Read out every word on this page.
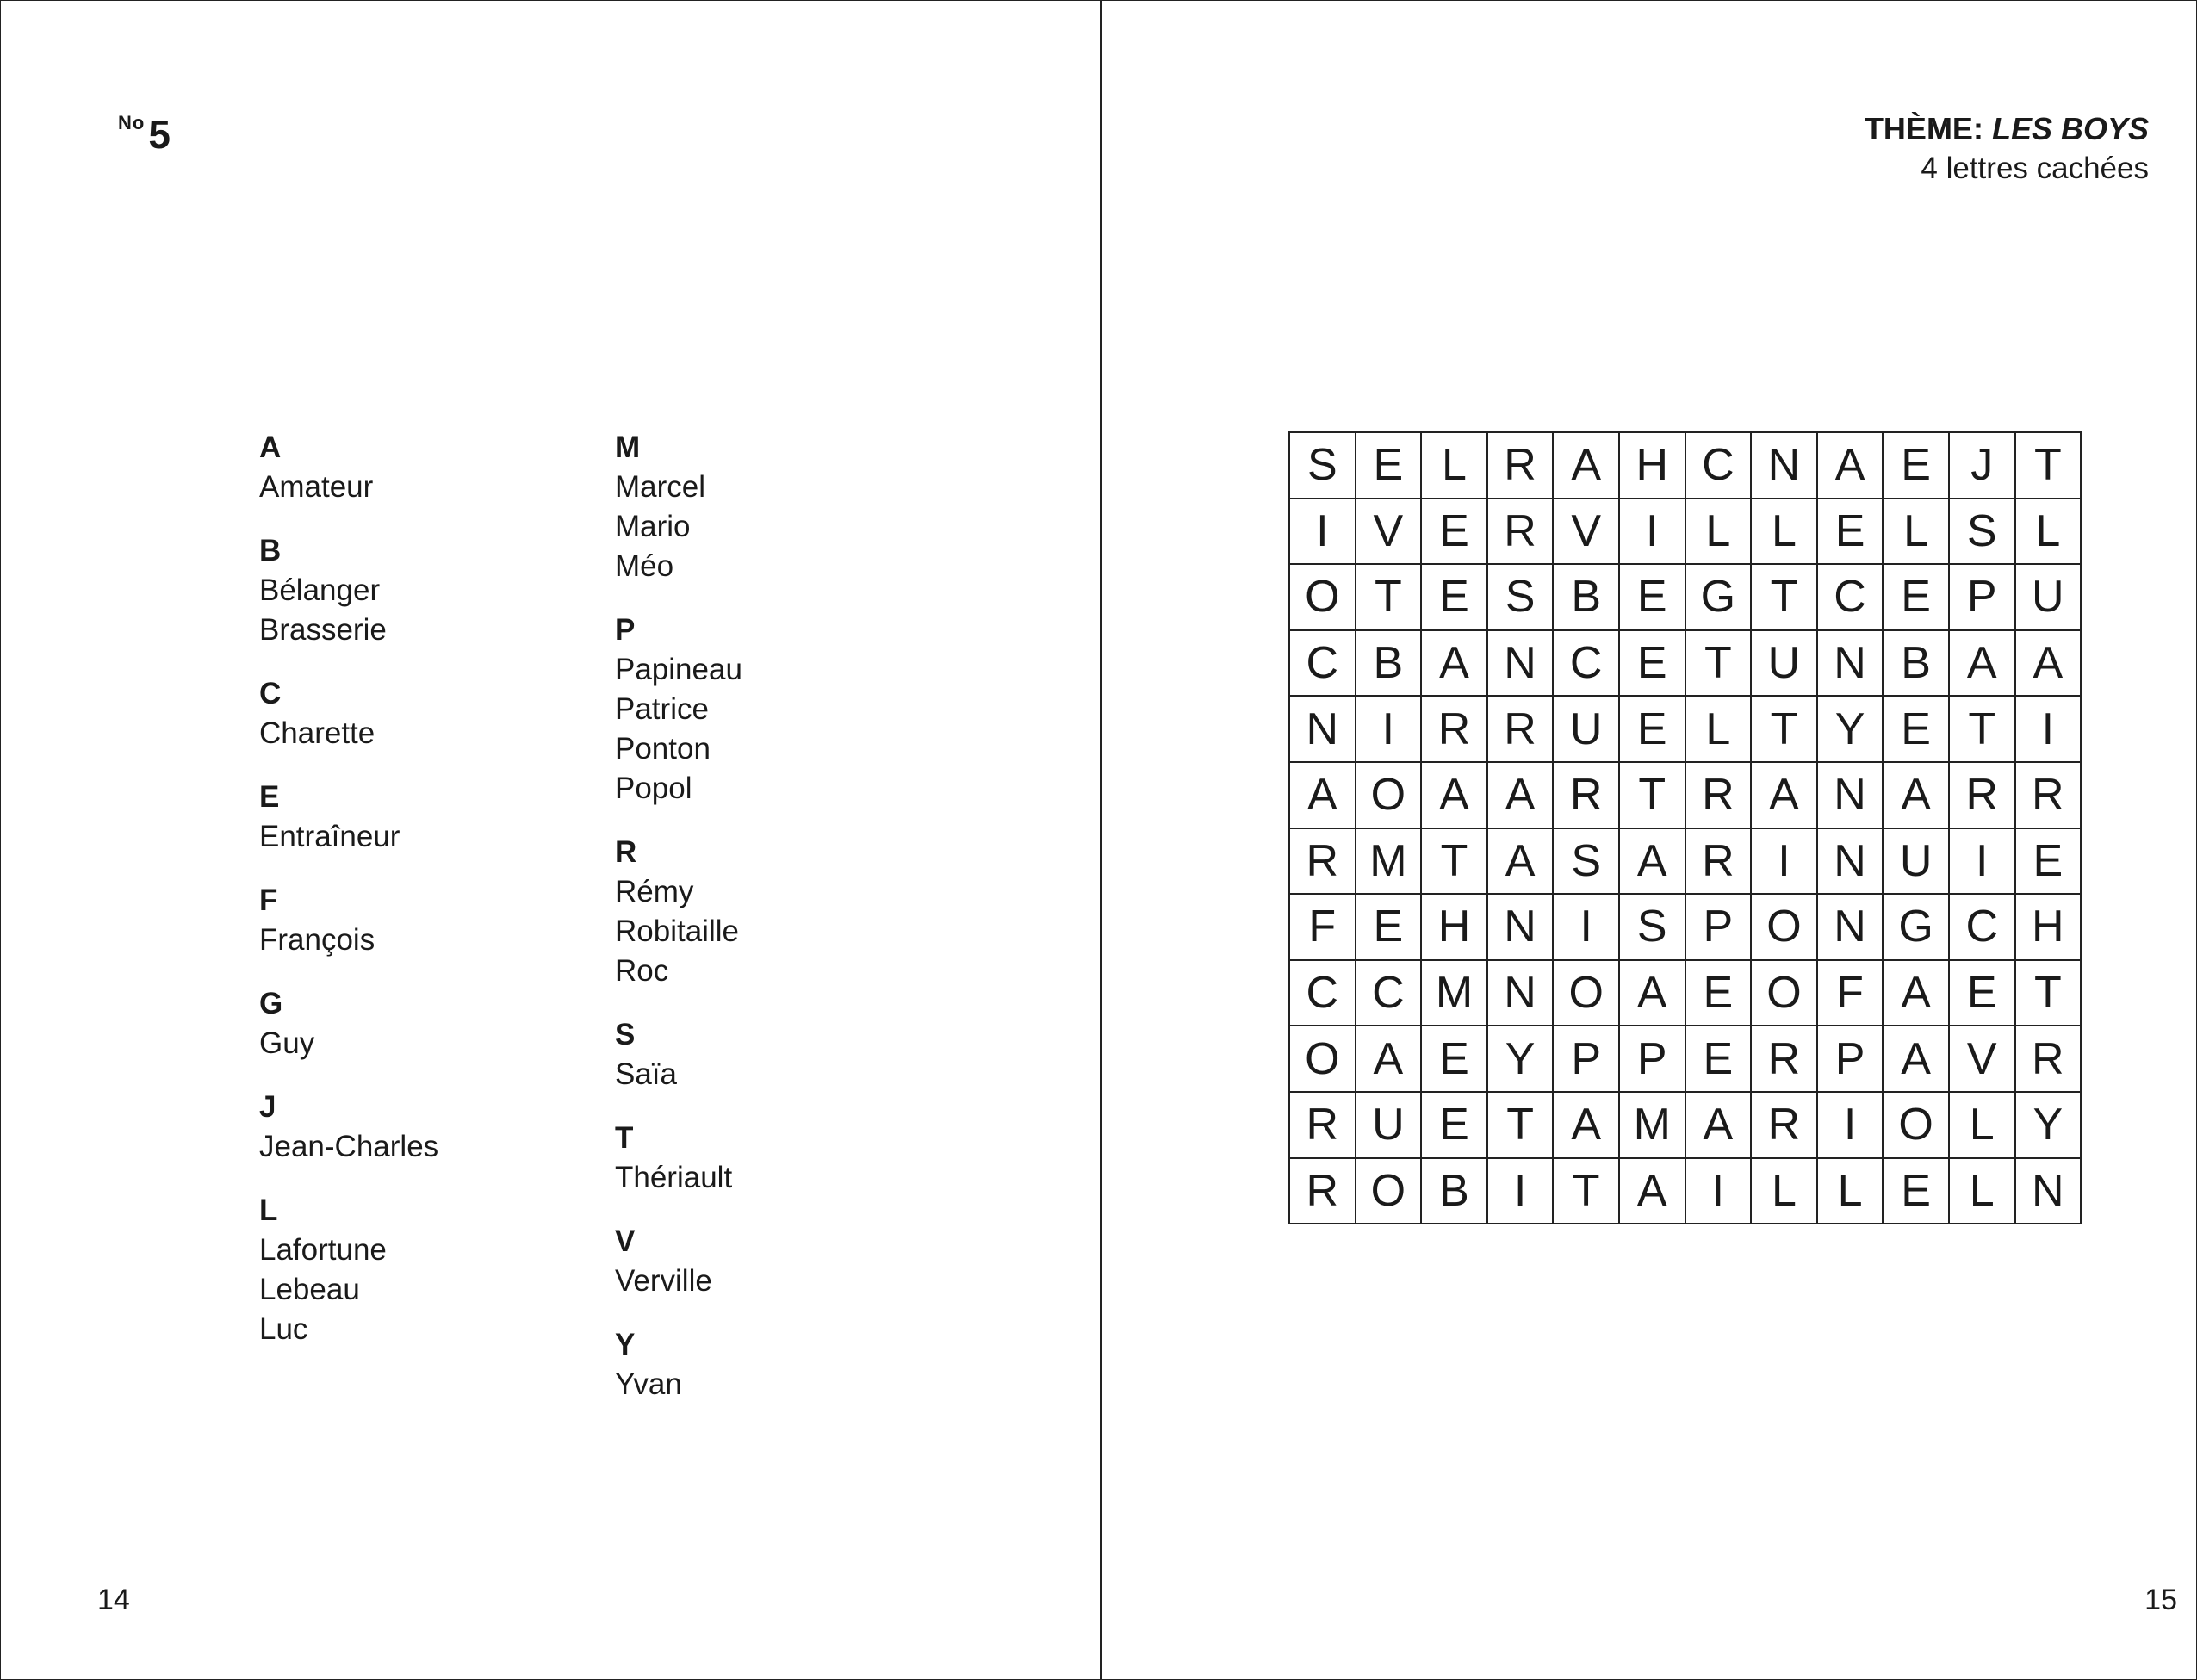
$^{No}$5
A
Amateur
B
Bélanger
Brasserie
C
Charette
E
Entraîneur
F
François
G
Guy
J
Jean-Charles
L
Lafortune
Lebeau
Luc
M
Marcel
Mario
Méo
P
Papineau
Patrice
Ponton
Popol
R
Rémy
Robitaille
Roc
S
Saïa
T
Thériault
V
Verville
Y
Yvan
14
THÈME: LES BOYS
4 lettres cachées
S E L R A H C N A E J T
I	V E R V	I	L L E L S L
O T E S B E G T C E P U
C B A N C E T U N B A A
N I R R U E L T Y E T	I
A O A A R T R A N A R R
R M T A S A R I N U I	E
F E H N I	S P O N G C H
C C M N O A E O F A E T
O A E Y P P E R P A V R
R U E T A M A R I O L Y
R O B	I	T A	I	L L E L N
15
